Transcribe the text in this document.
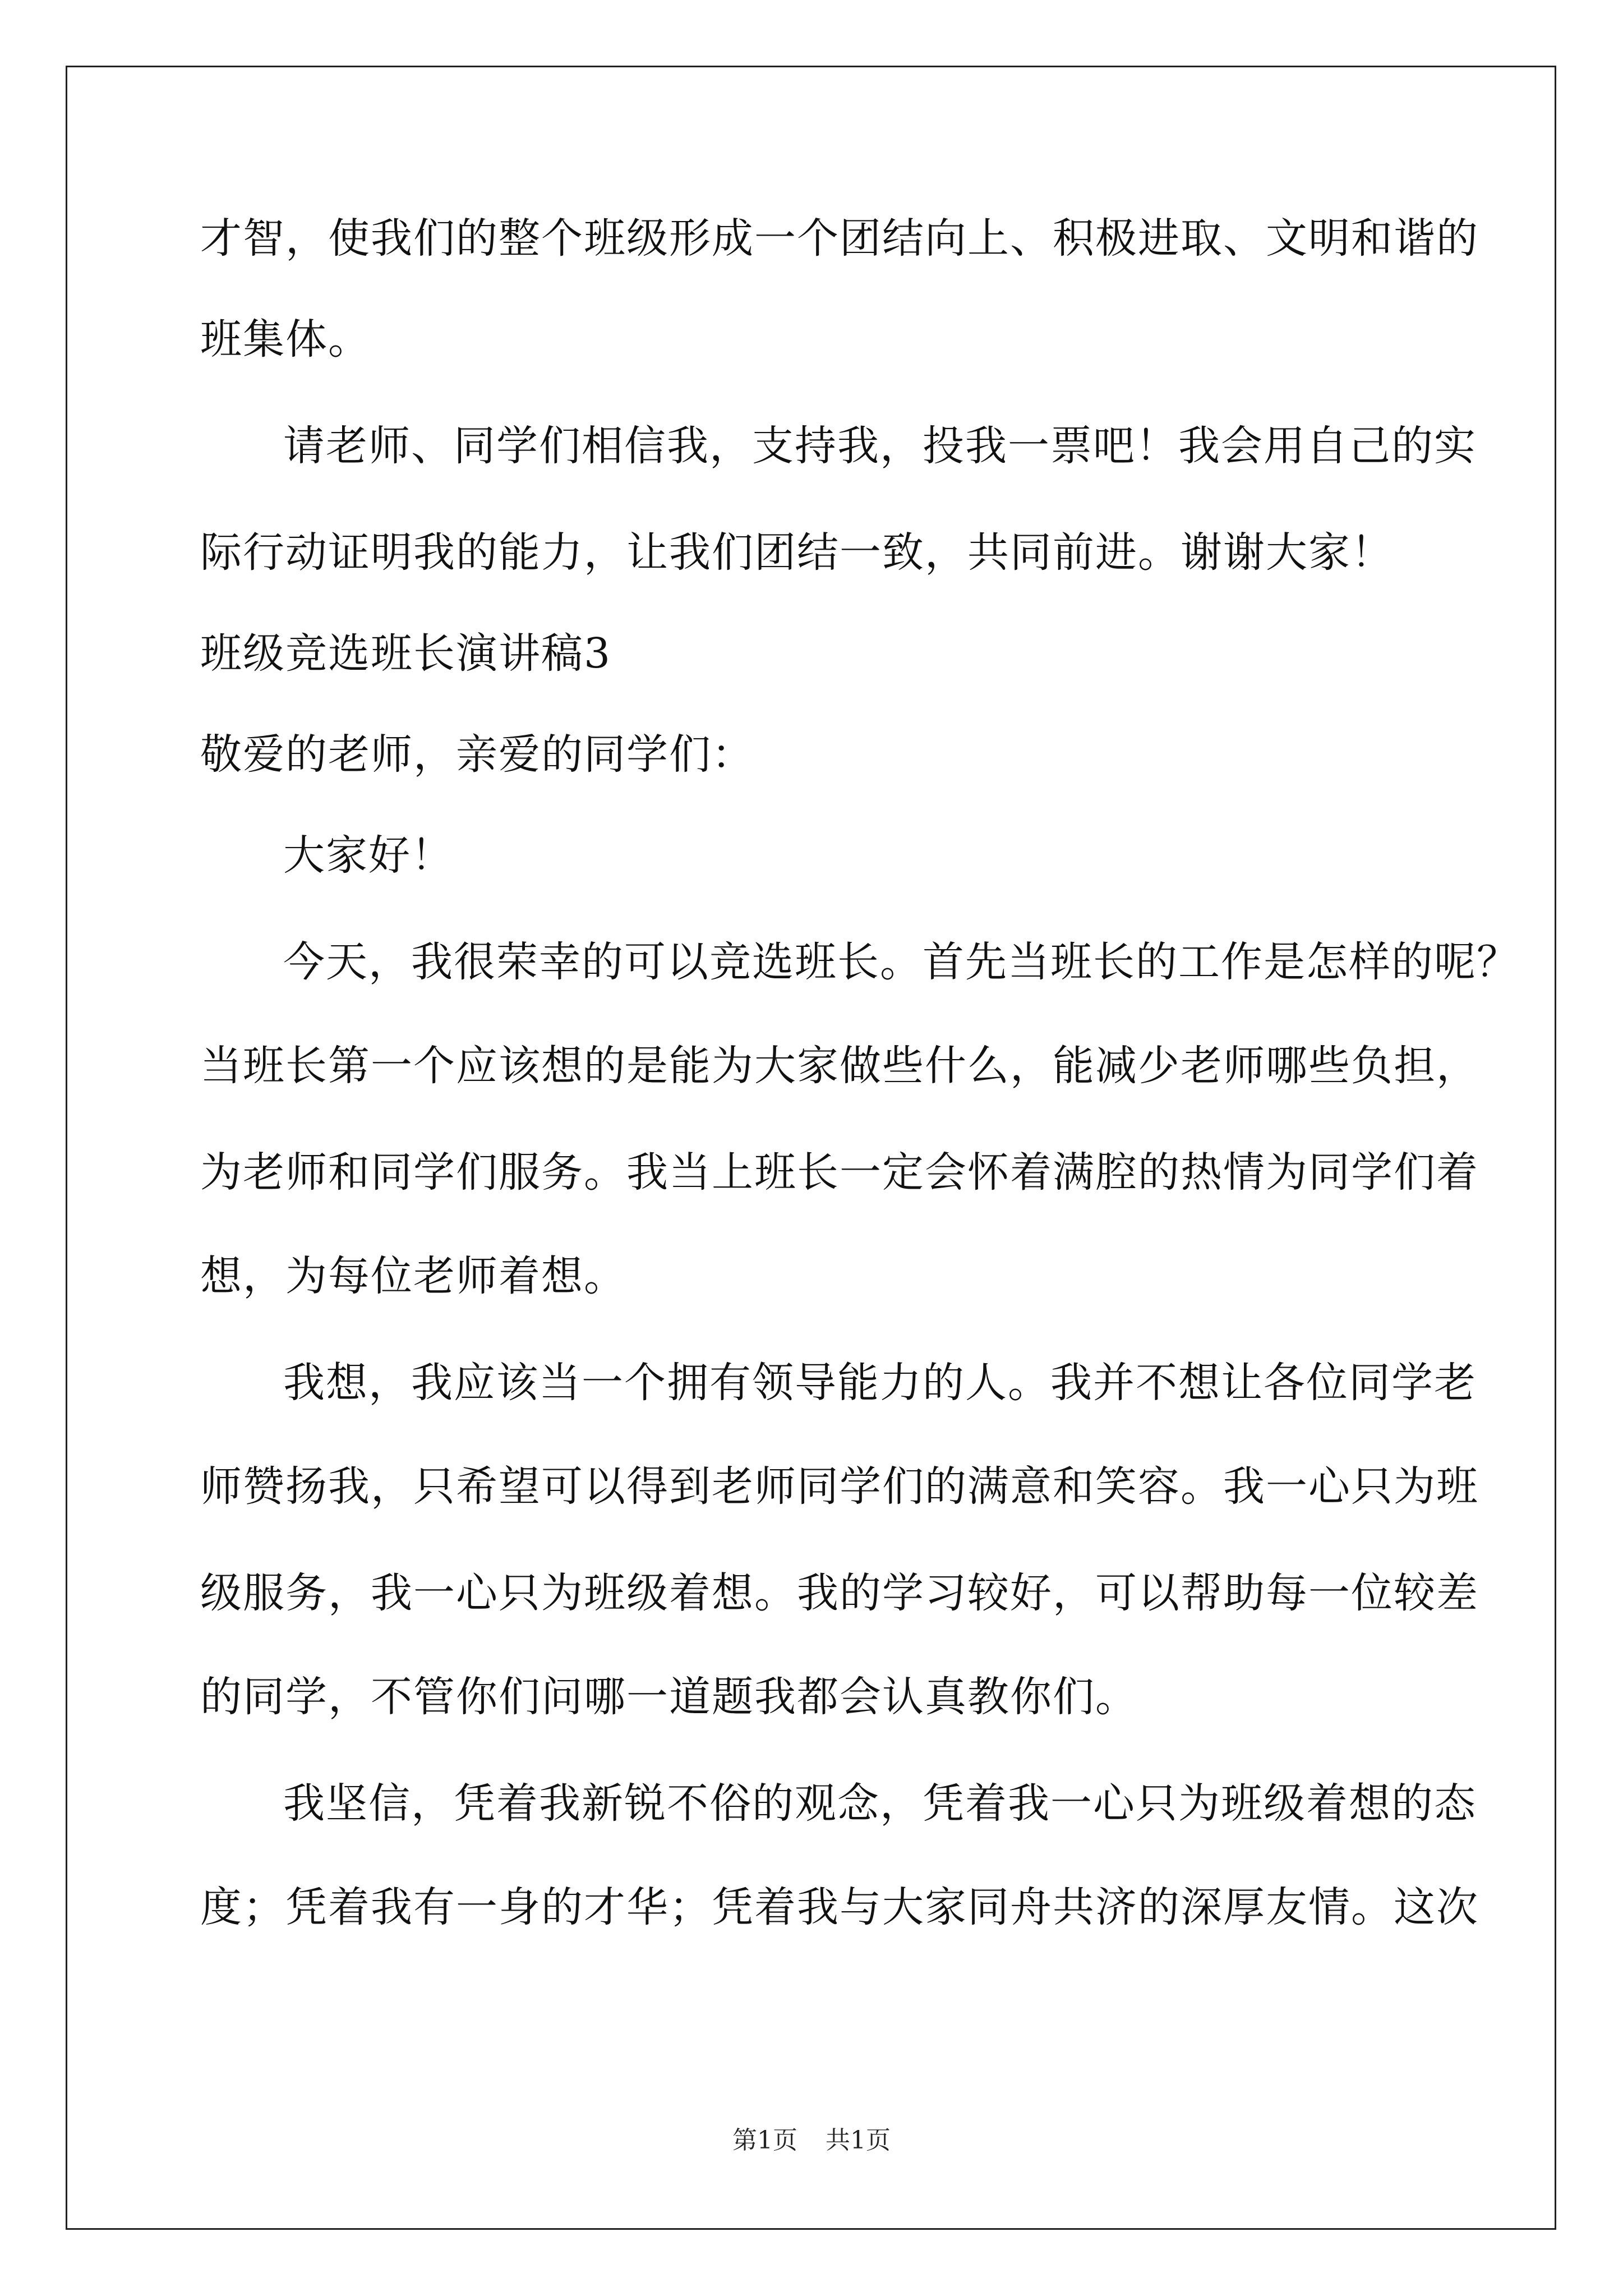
才智，使我们的整个班级形成一个团结向上、积极进取、文明和谐的
班集体。
请老师、同学们相信我，支持我，投我一票吧！我会用自己的实
际行动证明我的能力，让我们团结一致，共同前进。谢谢大家！
班级竞选班长演讲稿3
敬爱的老师，亲爱的同学们：
大家好！
今天，我很荣幸的可以竞选班长。首先当班长的工作是怎样的呢？
当班长第一个应该想的是能为大家做些什么，能减少老师哪些负担，
为老师和同学们服务。我当上班长一定会怀着满腔的热情为同学们着
想，为每位老师着想。
我想，我应该当一个拥有领导能力的人。我并不想让各位同学老
师赞扬我，只希望可以得到老师同学们的满意和笑容。我一心只为班
级服务，我一心只为班级着想。我的学习较好，可以帮助每一位较差
的同学，不管你们问哪一道题我都会认真教你们。
我坚信，凭着我新锐不俗的观念，凭着我一心只为班级着想的态
度；凭着我有一身的才华；凭着我与大家同舟共济的深厚友情。这次
第1页 共1页
